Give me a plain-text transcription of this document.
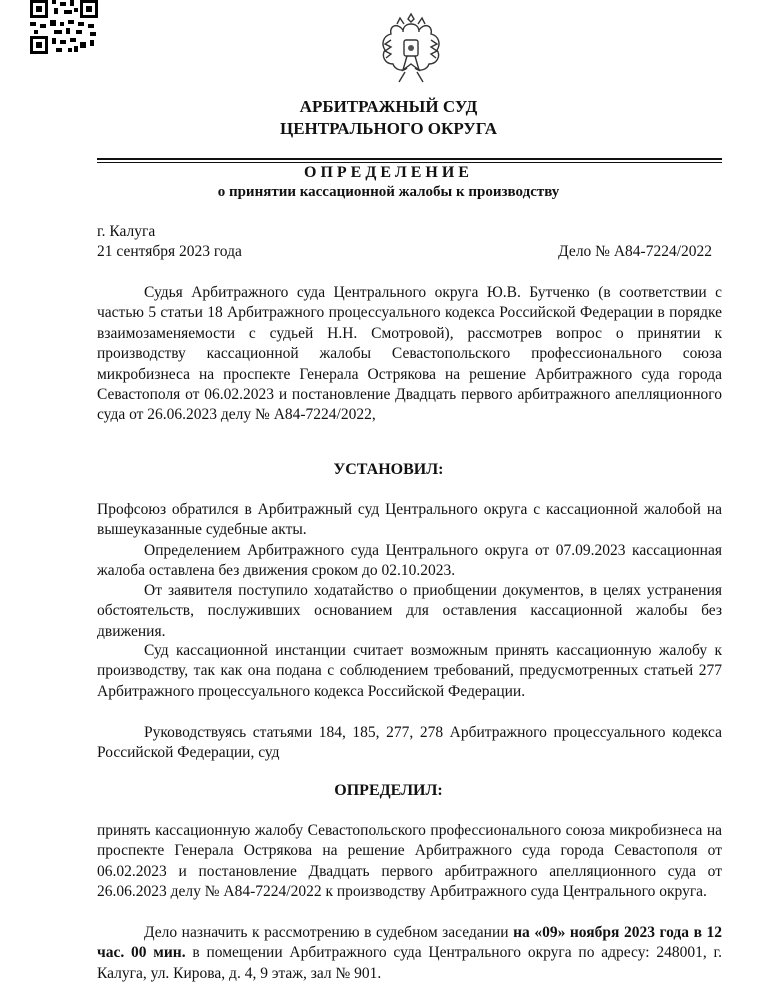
АРБИТРАЖНЫЙ СУД
ЦЕНТРАЛЬНОГО ОКРУГА
ОПРЕДЕЛЕНИЕ
о принятии кассационной жалобы к производству
г. Калуга
21 сентября 2023 года	Дело № А84-7224/2022

Судья Арбитражного суда Центрального округа Ю.В. Бутченко (в соответствии с частью 5 статьи 18 Арбитражного процессуального кодекса Российской Федерации в порядке взаимозаменяемости с судьей Н.Н. Смотровой), рассмотрев вопрос о принятии к производству кассационной жалобы Севастопольского профессионального союза микробизнеса на проспекте Генерала Острякова на решение Арбитражного суда города Севастополя от 06.02.2023 и постановление Двадцать первого арбитражного апелляционного суда от 26.06.2023 делу № А84-7224/2022,

УСТАНОВИЛ:

Профсоюз обратился в Арбитражный суд Центрального округа с кассационной жалобой на вышеуказанные судебные акты.

Определением Арбитражного суда Центрального округа от 07.09.2023 кассационная жалоба оставлена без движения сроком до 02.10.2023.

От заявителя поступило ходатайство о приобщении документов, в целях устранения обстоятельств, послуживших основанием для оставления кассационной жалобы без движения.

Суд кассационной инстанции считает возможным принять кассационную жалобу к производству, так как она подана с соблюдением требований, предусмотренных статьей 277 Арбитражного процессуального кодекса Российской Федерации.

Руководствуясь статьями 184, 185, 277, 278 Арбитражного процессуального кодекса Российской Федерации, суд

ОПРЕДЕЛИЛ:

принять кассационную жалобу Севастопольского профессионального союза микробизнеса на проспекте Генерала Острякова на решение Арбитражного суда города Севастополя от 06.02.2023 и постановление Двадцать первого арбитражного апелляционного суда от 26.06.2023 делу № А84-7224/2022 к производству Арбитражного суда Центрального округа.

Дело назначить к рассмотрению в судебном заседании на «09» ноября 2023 года в 12 час. 00 мин. в помещении Арбитражного суда Центрального округа по адресу: 248001, г. Калуга, ул. Кирова, д. 4, 9 этаж, зал № 901.
